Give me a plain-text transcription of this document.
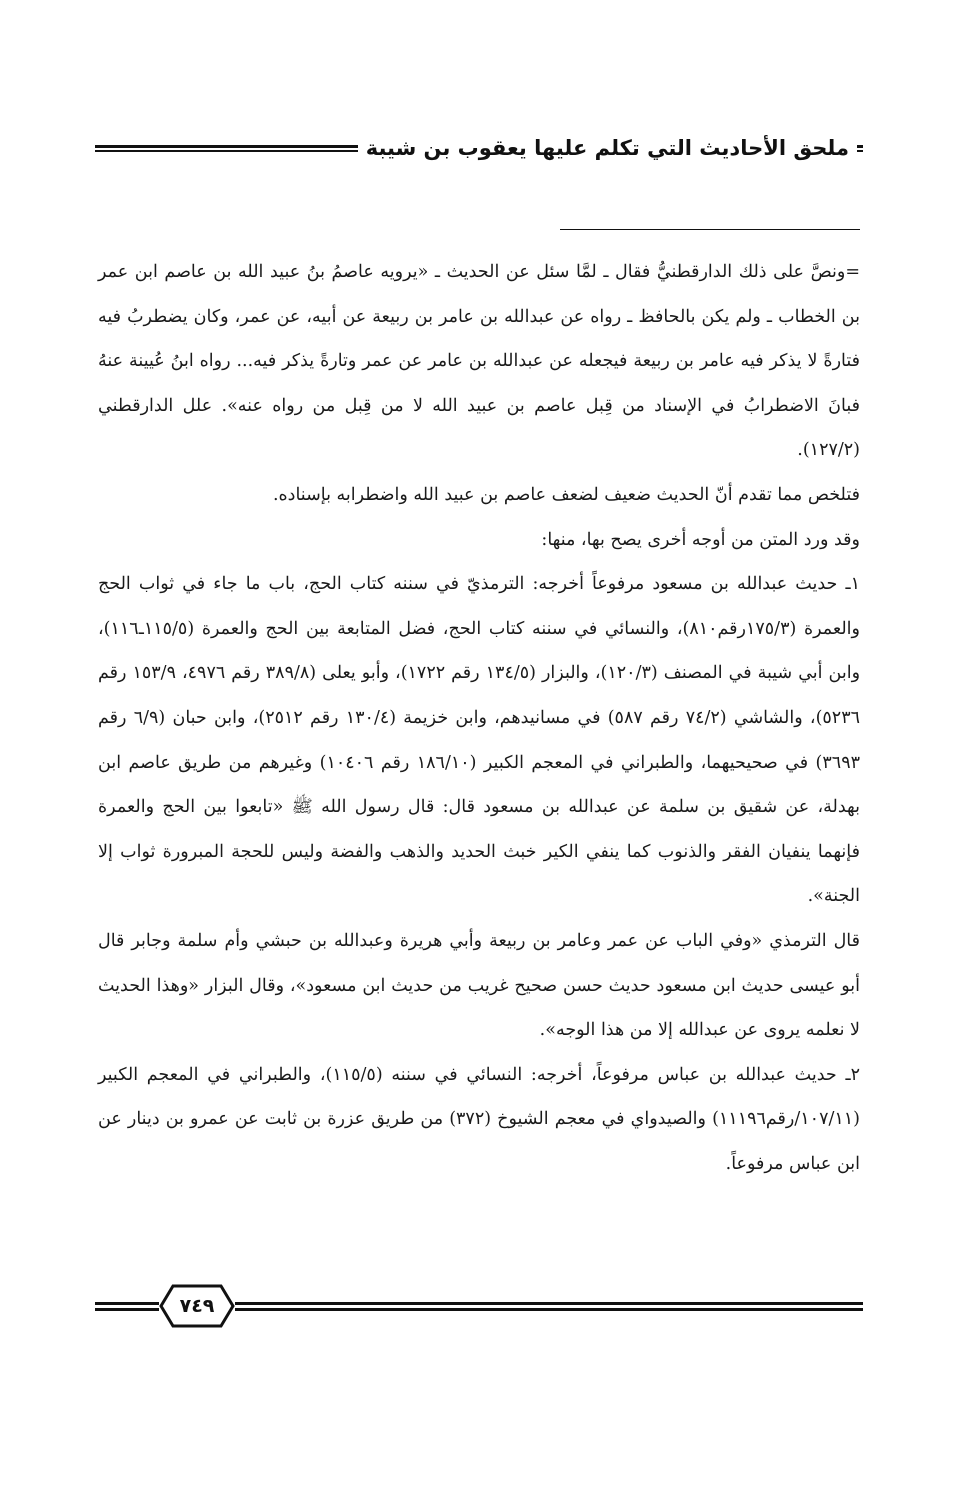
ملحق الأحاديث التي تكلم عليها يعقوب بن شيبة

=ونصَّ على ذلك الدارقطنيُّ فقال ـ لمَّا سئل عن الحديث ـ «يرويه عاصمُ بنُ عبيد الله بن عاصم ابن عمر بن الخطاب ـ ولم يكن بالحافظ ـ رواه عن عبدالله بن عامر بن ربيعة عن أبيه، عن عمر، وكان يضطربُ فيه فتارةً لا يذكر فيه عامر بن ربيعة فيجعله عن عبدالله بن عامر عن عمر وتارةً يذكر فيه... رواه ابنُ عُيينة عنهُ فبانَ الاضطرابُ في الإسناد من قِبل عاصم بن عبيد الله لا من قِبل من رواه عنه». علل الدارقطني (١٢٧/٢).

فتلخص مما تقدم أنّ الحديث ضعيف لضعف عاصم بن عبيد الله واضطرابه بإسناده.

وقد ورد المتن من أوجه أخرى يصح بها، منها:

١ـ حديث عبدالله بن مسعود مرفوعاً أخرجه: الترمذيّ في سننه كتاب الحج، باب ما جاء في ثواب الحج والعمرة (١٧٥/٣رقم٨١٠)، والنسائي في سننه كتاب الحج، فضل المتابعة بين الحج والعمرة (١١٥/٥ـ١١٦)، وابن أبي شيبة في المصنف (١٢٠/٣)، والبزار (١٣٤/٥ رقم ١٧٢٢)، وأبو يعلى (٣٨٩/٨ رقم ٤٩٧٦، ١٥٣/٩ رقم ٥٢٣٦)، والشاشي (٧٤/٢ رقم ٥٨٧) في مسانيدهم، وابن خزيمة (١٣٠/٤ رقم ٢٥١٢)، وابن حبان (٦/٩ رقم ٣٦٩٣) في صحيحيهما، والطبراني في المعجم الكبير (١٨٦/١٠ رقم ١٠٤٠٦) وغيرهم من طريق عاصم ابن بهدلة، عن شقيق بن سلمة عن عبدالله بن مسعود قال: قال رسول الله ﷺ «تابعوا بين الحج والعمرة فإنهما ينفيان الفقر والذنوب كما ينفي الكير خبث الحديد والذهب والفضة وليس للحجة المبرورة ثواب إلا الجنة».

قال الترمذي «وفي الباب عن عمر وعامر بن ربيعة وأبي هريرة وعبدالله بن حبشي وأم سلمة وجابر قال أبو عيسى حديث ابن مسعود حديث حسن صحيح غريب من حديث ابن مسعود»، وقال البزار «وهذا الحديث لا نعلمه يروى عن عبدالله إلا من هذا الوجه».

٢ـ حديث عبدالله بن عباس مرفوعاً، أخرجه: النسائي في سننه (١١٥/٥)، والطبراني في المعجم الكبير (١٠٧/١١/رقم١١١٩٦) والصيدواي في معجم الشيوخ (٣٧٢) من طريق عزرة بن ثابت عن عمرو بن دينار عن ابن عباس مرفوعاً.

٧٤٩
